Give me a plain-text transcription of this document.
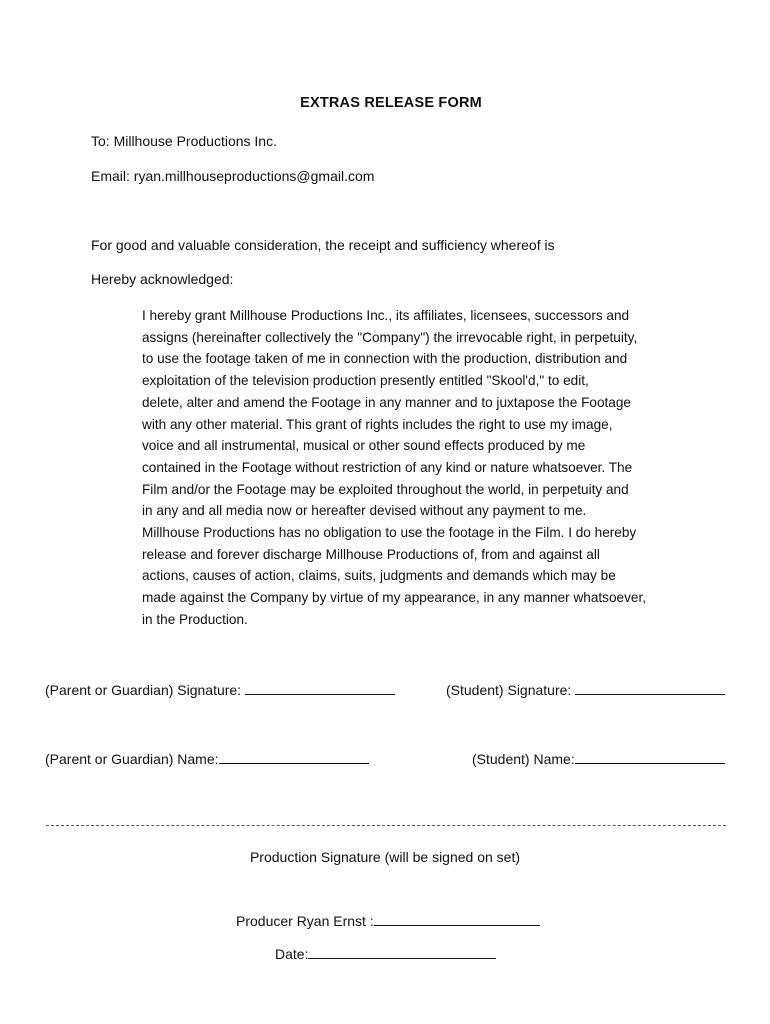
EXTRAS RELEASE FORM
To: Millhouse Productions Inc.
Email: ryan.millhouseproductions@gmail.com
For good and valuable consideration, the receipt and sufficiency whereof is
Hereby acknowledged:
I hereby grant Millhouse Productions Inc., its affiliates, licensees, successors and
assigns (hereinafter collectively the "Company") the irrevocable right, in perpetuity,
to use the footage taken of me in connection with the production, distribution and
exploitation of the television production presently entitled "Skool'd," to edit,
delete, alter and amend the Footage in any manner and to juxtapose the Footage
with any other material. This grant of rights includes the right to use my image,
voice and all instrumental, musical or other sound effects produced by me
contained in the Footage without restriction of any kind or nature whatsoever. The
Film and/or the Footage may be exploited throughout the world, in perpetuity and
in any and all media now or hereafter devised without any payment to me.
Millhouse Productions has no obligation to use the footage in the Film. I do hereby
release and forever discharge Millhouse Productions of, from and against all
actions, causes of action, claims, suits, judgments and demands which may be
made against the Company by virtue of my appearance, in any manner whatsoever,
in the Production.
(Parent or Guardian) Signature:	(Student) Signature:
(Parent or Guardian) Name:	(Student) Name:
Production Signature (will be signed on set)
Producer Ryan Ernst :
Date:
